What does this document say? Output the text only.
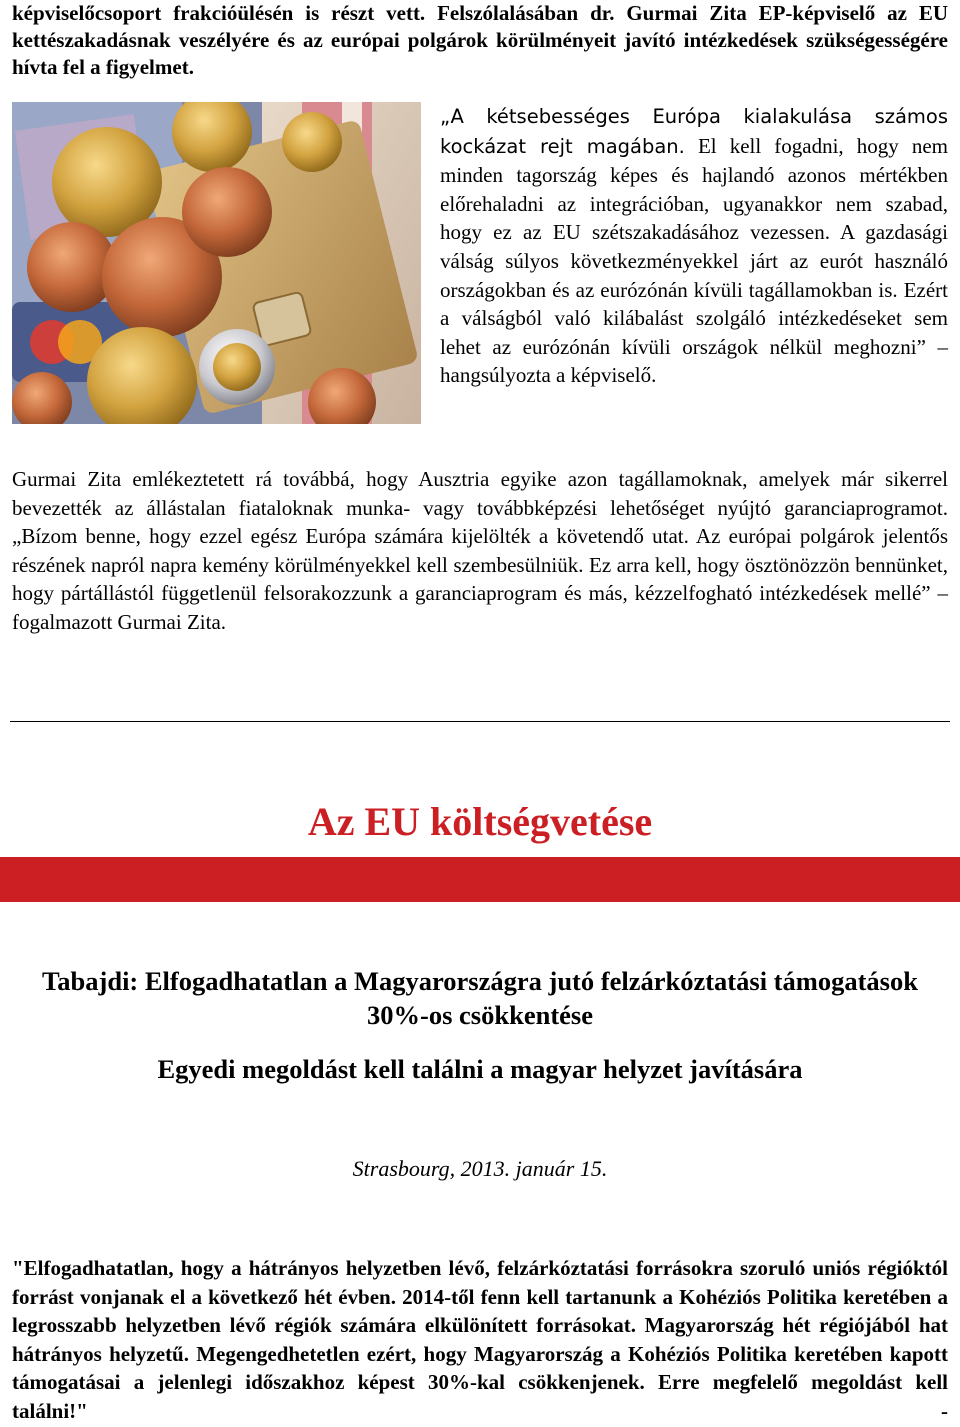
képviselőcsoport frakcióülésén is részt vett. Felszólalásában dr. Gurmai Zita EP-képviselő az EU kettészakadásnak veszélyére és az európai polgárok körülményeit javító intézkedések szükségességére hívta fel a figyelmet.

„A kétsebességes Európa kialakulása számos kockázat rejt magában. El kell fogadni, hogy nem minden tagország képes és hajlandó azonos mértékben előrehaladni az integrációban, ugyanakkor nem szabad, hogy ez az EU szétszakadásához vezessen. A gazdasági válság súlyos következményekkel járt az eurót használó országokban és az eurózónán kívüli tagállamokban is. Ezért a válságból való kilábalást szolgáló intézkedéseket sem lehet az eurózónán kívüli országok nélkül meghozni” – hangsúlyozta a képviselő.

Gurmai Zita emlékeztetett rá továbbá, hogy Ausztria egyike azon tagállamoknak, amelyek már sikerrel bevezették az állástalan fiataloknak munka- vagy továbbképzési lehetőséget nyújtó garanciaprogramot. „Bízom benne, hogy ezzel egész Európa számára kijelölték a követendő utat. Az európai polgárok jelentős részének napról napra kemény körülményekkel kell szembesülniük. Ez arra kell, hogy ösztönözzön bennünket, hogy pártállástól függetlenül felsorakozzunk a garanciaprogram és más, kézzelfogható intézkedések mellé” – fogalmazott Gurmai Zita.

Az EU költségvetése
Tabajdi: Elfogadhatatlan a Magyarországra jutó felzárkóztatási támogatások 30%-os csökkentése
Egyedi megoldást kell találni a magyar helyzet javítására
Strasbourg, 2013. január 15.

"Elfogadhatatlan, hogy a hátrányos helyzetben lévő, felzárkóztatási forrásokra szoruló uniós régióktól forrást vonjanak el a következő hét évben. 2014-től fenn kell tartanunk a Kohéziós Politika keretében a legrosszabb helyzetben lévő régiók számára elkülönített forrásokat. Magyarország hét régiójából hat hátrányos helyzetű. Megengedhetetlen ezért, hogy Magyarország a Kohéziós Politika keretében kapott támogatásai a jelenlegi időszakhoz képest 30%-kal csökkenjenek. Erre megfelelő megoldást kell találni!" -
